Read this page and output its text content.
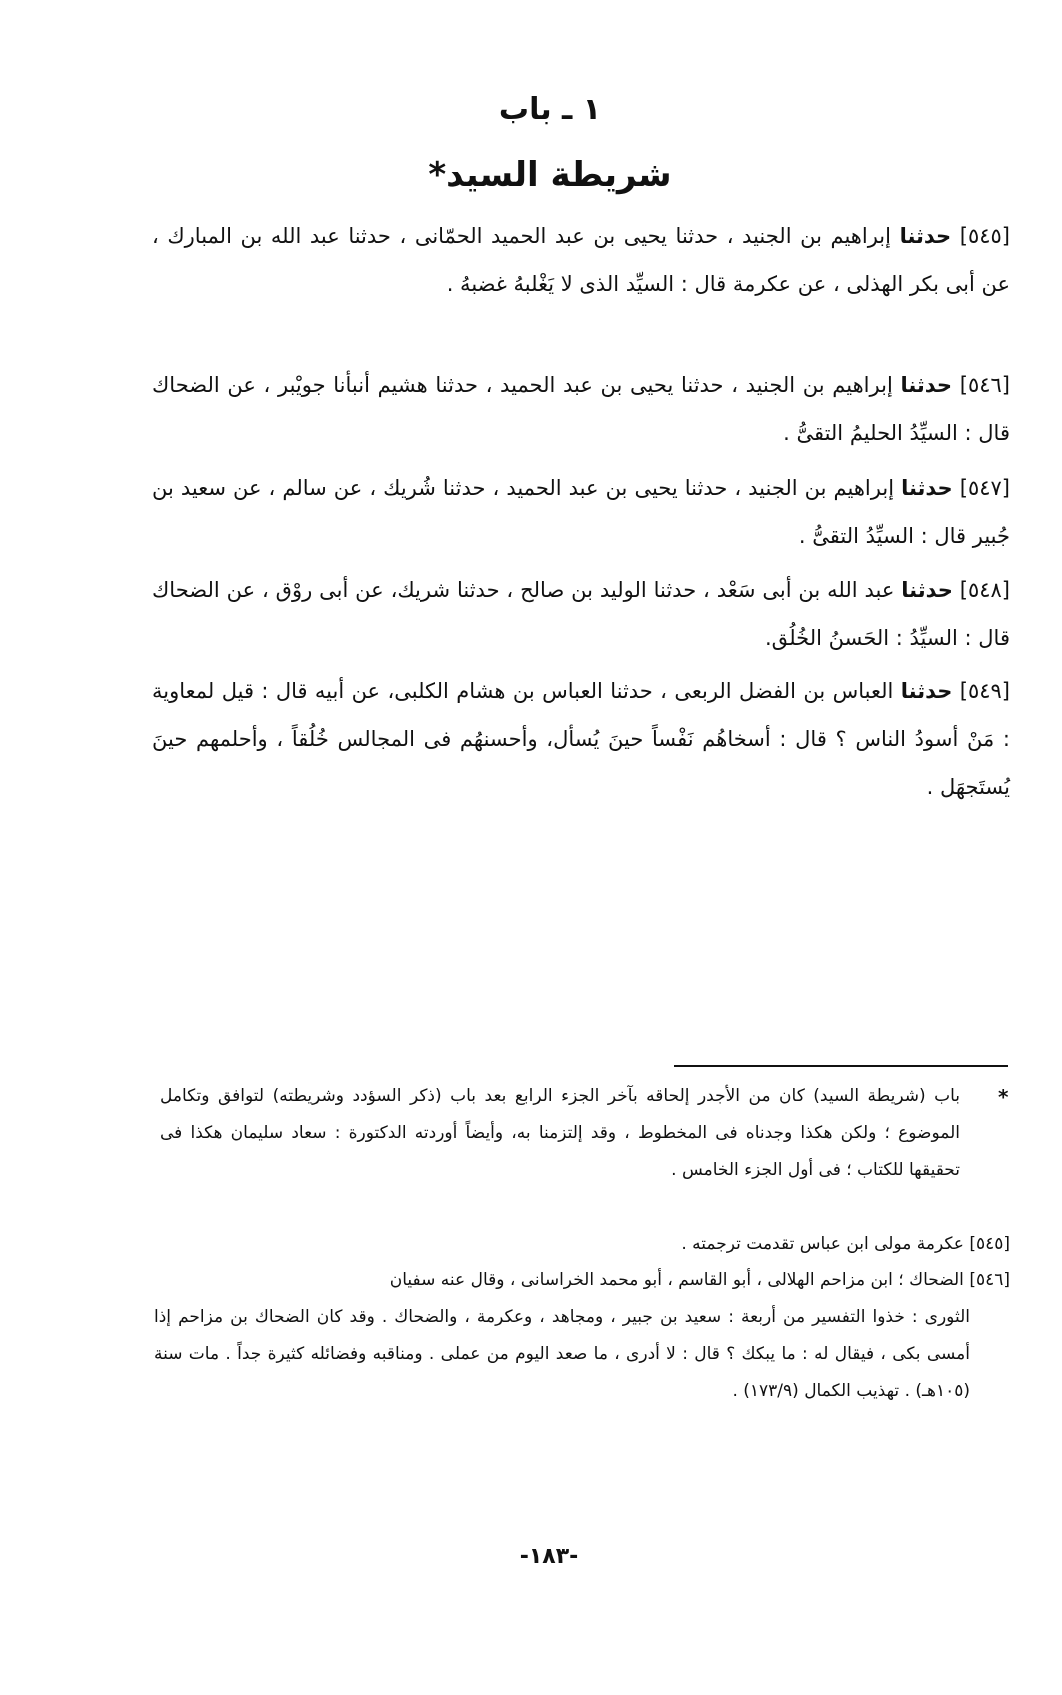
١ ـ باب
شريطة السيد*
[٥٤٥] حدثنا إبراهيم بن الجنيد ، حدثنا يحيى بن عبد الحميد الحمّانى ، حدثنا عبد الله بن المبارك ، عن أبى بكر الهذلى ، عن عكرمة قال : السيِّد الذى لا يَغْلبهُ غضبهُ .
[٥٤٦] حدثنا إبراهيم بن الجنيد ، حدثنا يحيى بن عبد الحميد ، حدثنا هشيم أنبأنا جويْبر ، عن الضحاك قال : السيِّدُ الحليمُ التقىُّ .
[٥٤٧] حدثنا إبراهيم بن الجنيد ، حدثنا يحيى بن عبد الحميد ، حدثنا شُريك ، عن سالم ، عن سعيد بن جُبير قال : السيِّدُ التقىُّ .
[٥٤٨] حدثنا عبد الله بن أبى سَعْد ، حدثنا الوليد بن صالح ، حدثنا شريك، عن أبى روْق ، عن الضحاك قال : السيِّدُ : الحَسنُ الخُلُق.
[٥٤٩] حدثنا العباس بن الفضل الربعى ، حدثنا العباس بن هشام الكلبى، عن أبيه قال : قيل لمعاوية : مَنْ أسودُ الناس ؟ قال : أسخاهُم نَفْساً حينَ يُسأل، وأحسنهُم فى المجالس خُلُقاً ، وأحلمهم حينَ يُستَجهَل .
*
باب (شريطة السيد) كان من الأجدر إلحاقه بآخر الجزء الرابع بعد باب (ذكر السؤدد وشريطته) لتوافق وتكامل الموضوع ؛ ولكن هكذا وجدناه فى المخطوط ، وقد إلتزمنا به، وأيضاً أوردته الدكتورة : سعاد سليمان هكذا فى تحقيقها للكتاب ؛ فى أول الجزء الخامس .
[٥٤٥] عكرمة مولى ابن عباس تقدمت ترجمته .
[٥٤٦] الضحاك ؛ ابن مزاحم الهلالى ، أبو القاسم ، أبو محمد الخراسانى ، وقال عنه سفيان
الثورى : خذوا التفسير من أربعة : سعيد بن جبير ، ومجاهد ، وعكرمة ، والضحاك . وقد كان الضحاك بن مزاحم إذا أمسى بكى ، فيقال له : ما يبكك ؟ قال : لا أدرى ، ما صعد اليوم من عملى . ومناقبه وفضائله كثيرة جداً . مات سنة (١٠٥هـ) . تهذيب الكمال (١٧٣/٩) .
-١٨٣-
